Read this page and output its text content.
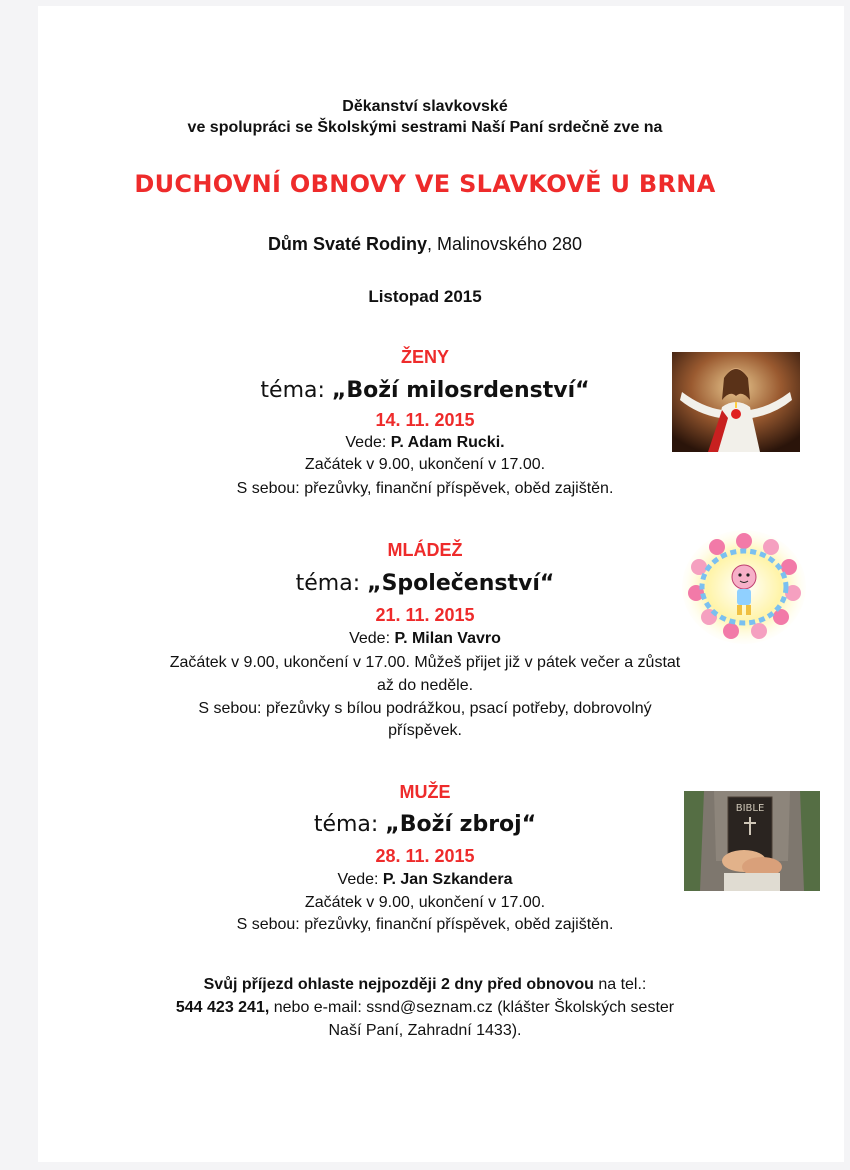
Děkanství slavkovské
ve spolupráci se Školskými sestrami Naší Paní srdečně zve na
DUCHOVNÍ OBNOVY VE SLAVKOVĚ U BRNA
Dům Svaté Rodiny, Malinovského 280
Listopad 2015
ŽENY
téma: „Boží milosrdenství“
14. 11. 2015
Vede: P. Adam Rucki.
Začátek v 9.00, ukončení v 17.00.
S sebou: přezůvky, finanční příspěvek, oběd zajištěn.
MLÁDEŽ
téma: „Společenství“
21. 11. 2015
Vede: P. Milan Vavro
Začátek v 9.00, ukončení v 17.00. Můžeš přijet již v pátek večer a zůstat
až do neděle.
S sebou: přezůvky s bílou podrážkou, psací potřeby, dobrovolný
příspěvek.
MUŽE
téma: „Boží zbroj“
28. 11. 2015
Vede: P. Jan Szkandera
Začátek v 9.00, ukončení v 17.00.
S sebou: přezůvky, finanční příspěvek, oběd zajištěn.
Svůj příjezd ohlaste nejpozději 2 dny před obnovou na tel.:
544 423 241, nebo e-mail: ssnd@seznam.cz (klášter Školských sester
Naší Paní, Zahradní 1433).
BIBLE
